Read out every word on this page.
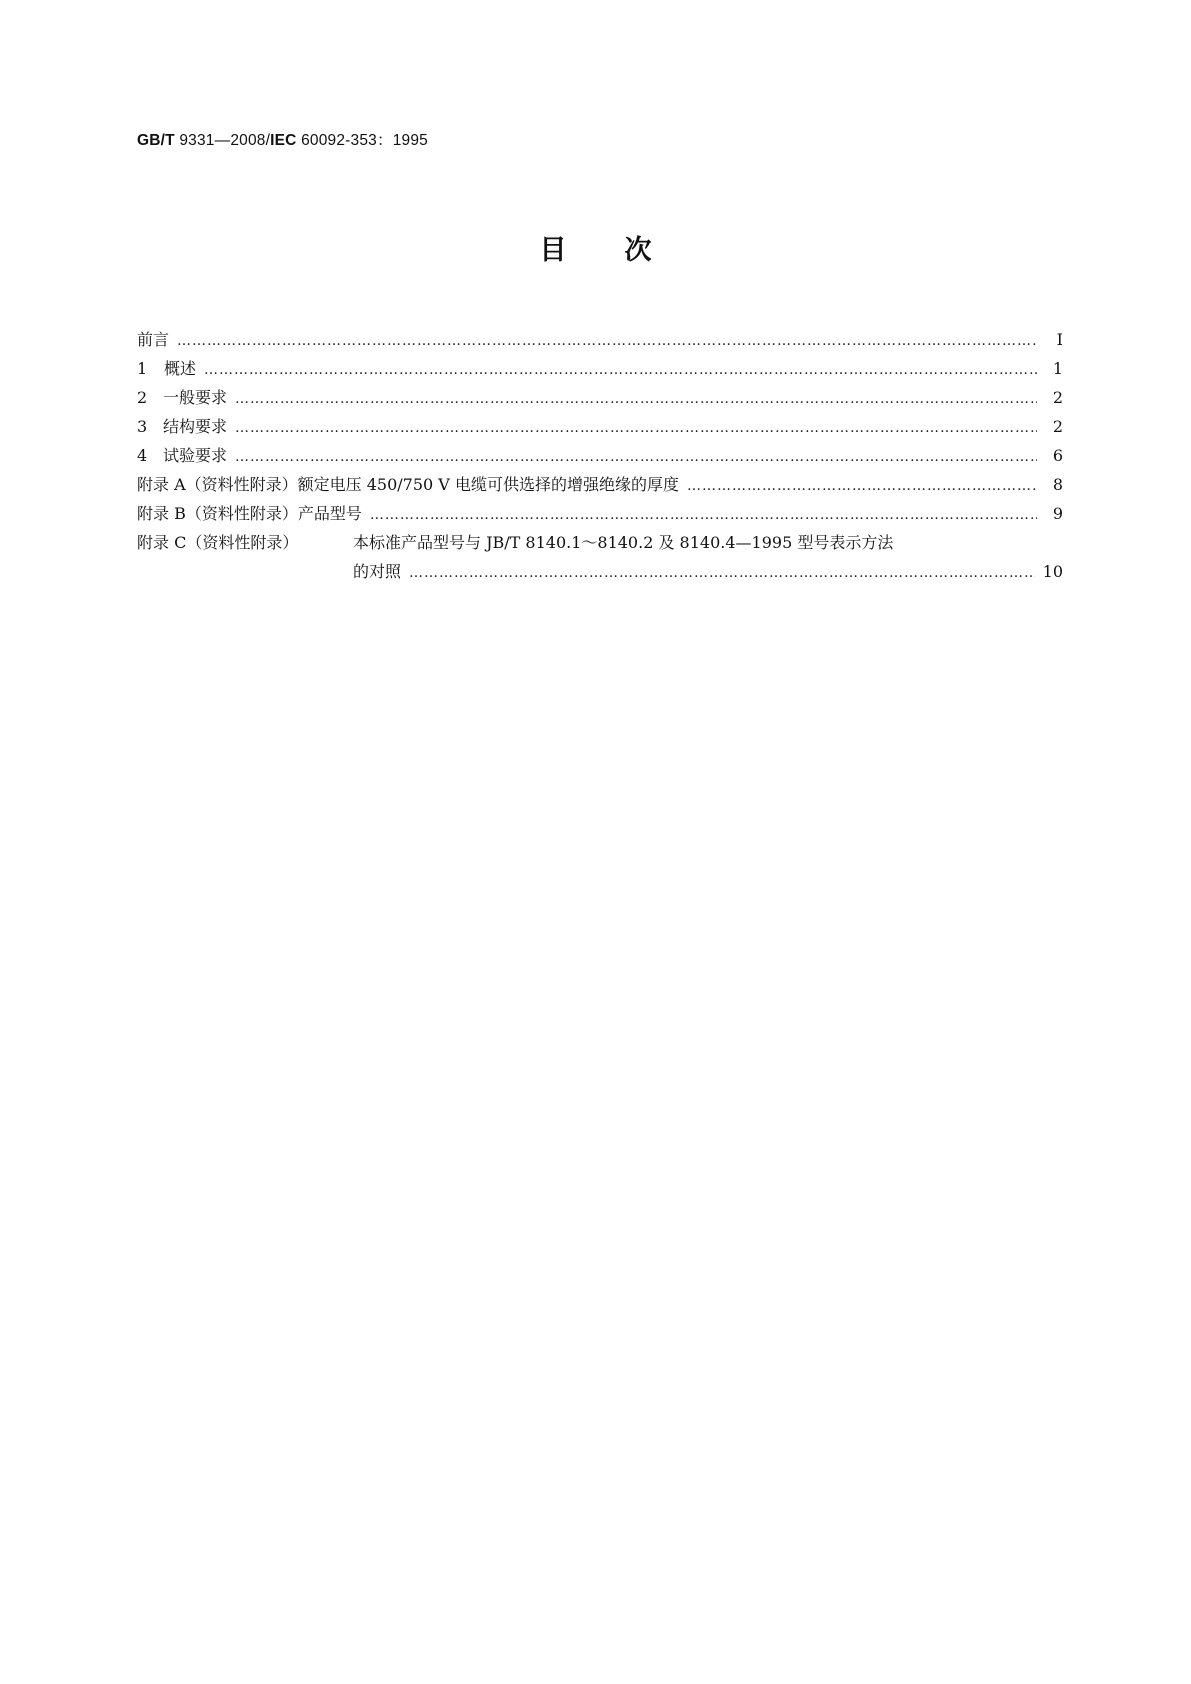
GB/T 9331—2008/IEC 60092-353：1995
目次
前言 …………………………………………………………………………………………………………………………………………………………………………………………	I
1	概述 …………………………………………………………………………………………………………………………………………………………………………………………	1
2 一般要求 …………………………………………………………………………………………………………………………………………………………………………………………	2
3 结构要求 …………………………………………………………………………………………………………………………………………………………………………………………	2
4 试验要求 …………………………………………………………………………………………………………………………………………………………………………………………	6
附录 A（资料性附录） 额定电压 450/750 V 电缆可供选择的增强绝缘的厚度 …………………………………………………………………………………………………………………………………………………………………………………………	8
附录 B（资料性附录） 产品型号 …………………………………………………………………………………………………………………………………………………………………………………………	9
附录 C（资料性附录）	本标准产品型号与 JB/T 8140.1～8140.2 及 8140.4—1995 型号表示方法
的对照 …………………………………………………………………………………………………………………………………………………………………………………………	10
